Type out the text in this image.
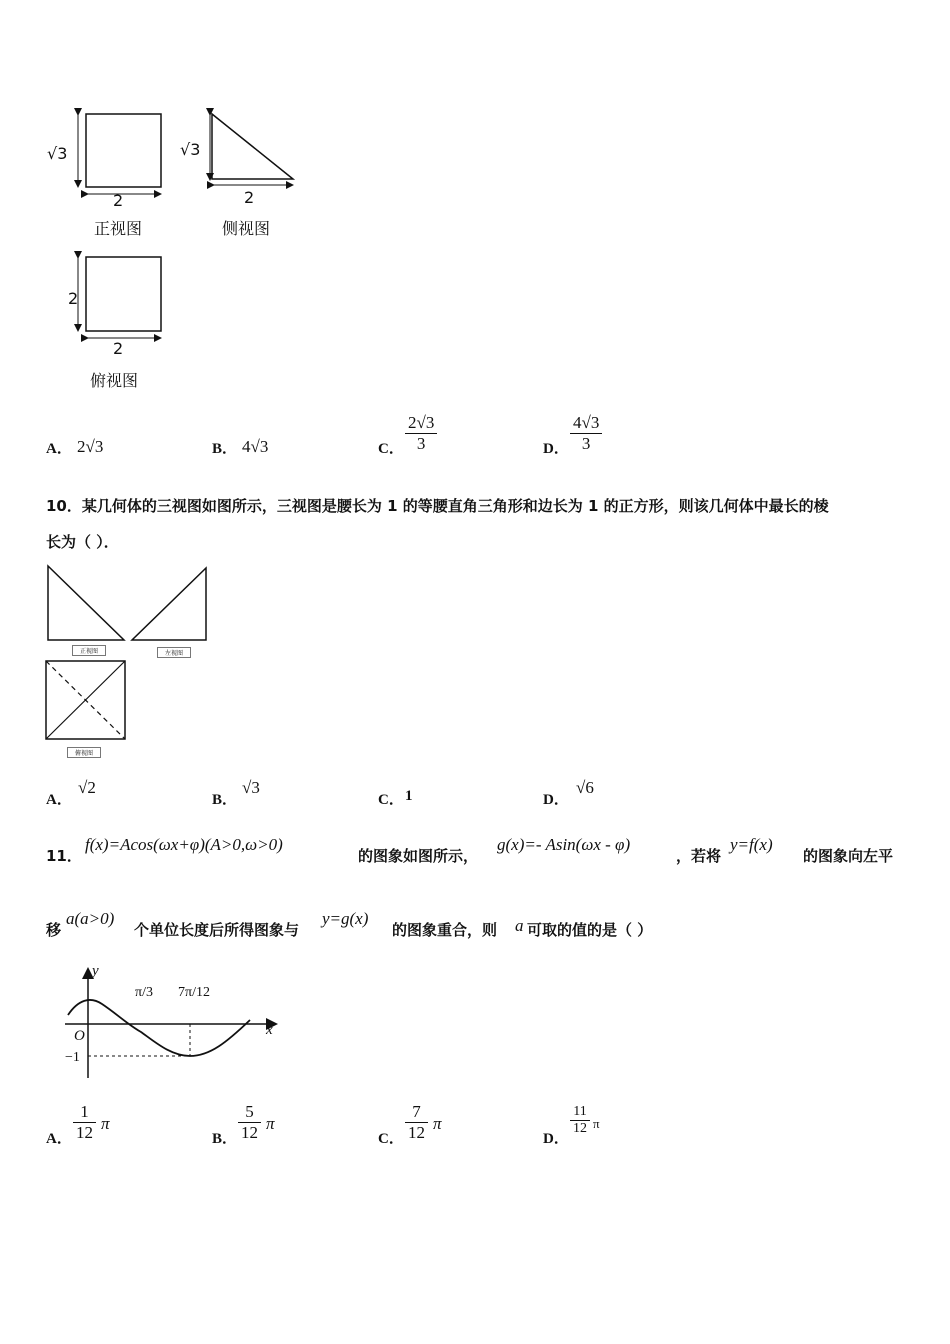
√3
2
正视图
√3
2
侧视图
2
2
俯视图
A． 2√3	B． 4√3	C．
2√3
3	D．
4√3
3
10．某几何体的三视图如图所示，三视图是腰长为 1 的等腰直角三角形和边长为 1 的正方形，则该几何体中最长的棱
长为（ ）．
正视图	左视图
俯视图
A．
√2
B．
√3
C． 1	D．
√6
11．
f(x)=Acos(ωx+φ)(A>0,ω>0)
的图象如图所示，
g(x)=- Asin(ωx - φ)
，若将
y=f(x)
的图象向左平
移
a(a>0)
个单位长度后所得图象与
y=g(x)
的图象重合，则 a 可取的值的是（ ）
y
x
O
−1
π/3 7π/12
A．
1
12 π
B．
5
12 π
C．
7
12 π
D．
11
12 π
